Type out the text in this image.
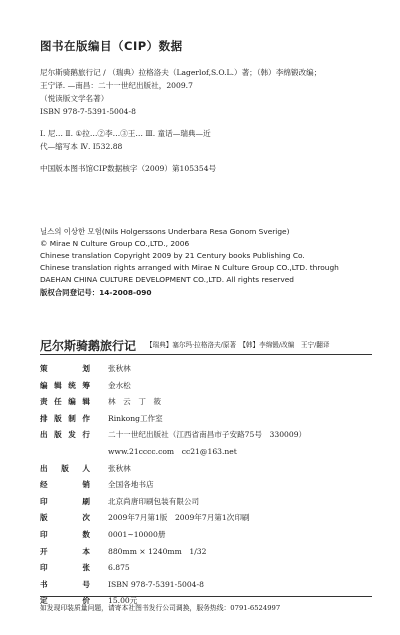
图书在版编目（CIP）数据
尼尔斯骑鹅旅行记 / （瑞典）拉格洛夫（Lagerlof,S.O.L.）著；（韩）李绵锻改编；
王宁译. —南昌：二十一世纪出版社，2009.7
（悦读版文学名著）
ISBN 978-7-5391-5004-8
Ⅰ. 尼… Ⅱ. ①拉…②李…③王… Ⅲ. 童话—瑞典—近
代—缩写本 Ⅳ. I532.88
中国版本图书馆CIP数据核字（2009）第105354号
닐스의 이상한 모험(Nils Holgerssons Underbara Resa Gonom Sverige)
© Mirae N Culture Group CO.,LTD., 2006
Chinese translation Copyright 2009 by 21 Century books Publishing Co.
Chinese translation rights arranged with Mirae N Culture Group CO.,LTD. through
DAEHAN CHINA CULTURE DEVELOPMENT CO.,LTD. All rights reserved
版权合同登记号：14-2008-090
尼尔斯骑鹅旅行记 【瑞典】塞尔玛·拉格洛夫/原著　【韩】李绵锻/改编　王宁/翻译
策	划 张秋林
编 辑 统 筹 金水松
责 任 编 辑 林　云　丁　筱
排 版 制 作 Rinkong工作室
出 版 发 行 二十一世纪出版社（江西省南昌市子安路75号　330009）
www.21cccc.com　cc21@163.net
出 版 人 张秋林
经	销 全国各地书店
印	刷 北京尚唐印刷包装有限公司
版	次 2009年7月第1版　2009年7月第1次印刷
印	数 0001~10000册
开	本 880mm × 1240mm　1/32
印	张 6.875
书	号 ISBN 978-7-5391-5004-8
定	价 15.00元
如发现印装质量问题，请寄本社图书发行公司调换，服务热线：0791-6524997
